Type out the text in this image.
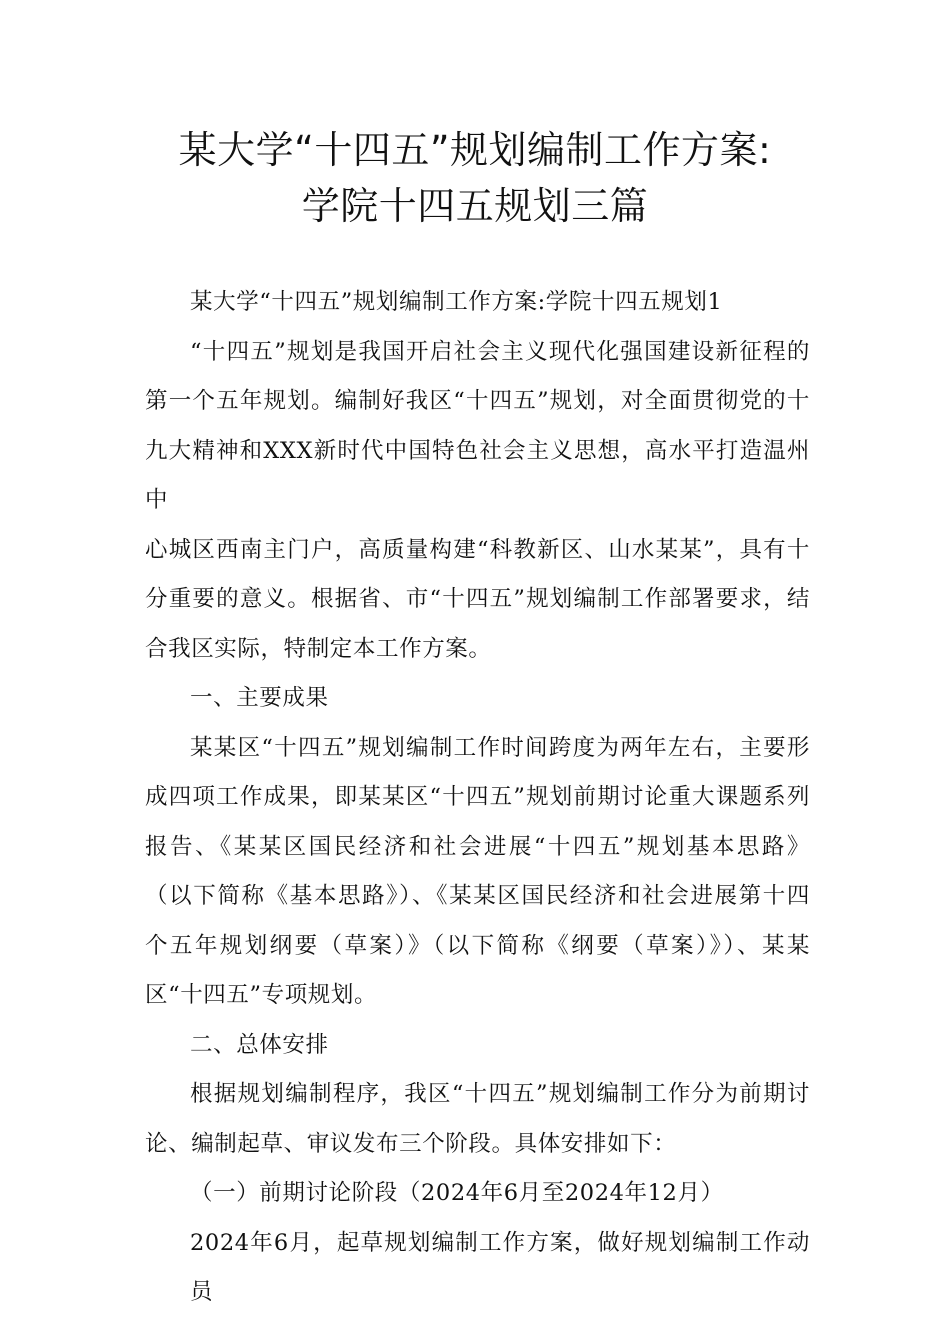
某大学“十四五”规划编制工作方案:
学院十四五规划三篇

某大学“十四五”规划编制工作方案:学院十四五规划1

“十四五”规划是我国开启社会主义现代化强国建设新征程的
第一个五年规划。编制好我区“十四五”规划，对全面贯彻党的十
九大精神和XXX新时代中国特色社会主义思想，高水平打造温州中
心城区西南主门户，高质量构建“科教新区、山水某某”，具有十
分重要的意义。根据省、市“十四五”规划编制工作部署要求，结
合我区实际，特制定本工作方案。

一、主要成果

某某区“十四五”规划编制工作时间跨度为两年左右，主要形
成四项工作成果，即某某区“十四五”规划前期讨论重大课题系列
报告、《某某区国民经济和社会进展“十四五”规划基本思路》
（以下简称《基本思路》）、《某某区国民经济和社会进展第十四
个五年规划纲要（草案）》（以下简称《纲要（草案）》）、某某
区“十四五”专项规划。

二、总体安排

根据规划编制程序，我区“十四五”规划编制工作分为前期讨
论、编制起草、审议发布三个阶段。具体安排如下：

（一）前期讨论阶段（2024年6月至2024年12月）

2024年6月，起草规划编制工作方案，做好规划编制工作动员
